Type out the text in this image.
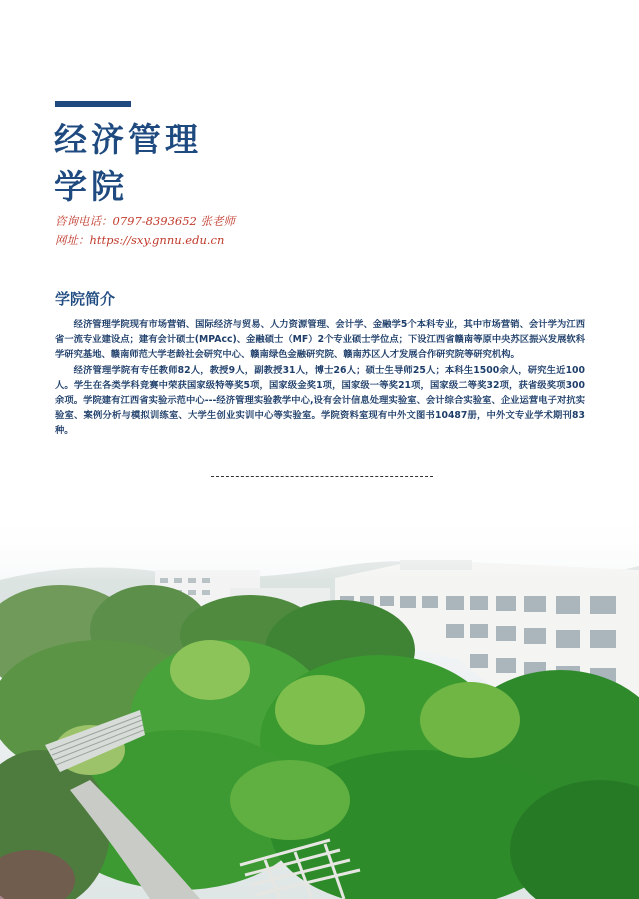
经济管理
学院
咨询电话：0797-8393652 张老师
网址：https://sxy.gnnu.edu.cn
学院简介

经济管理学院现有市场营销、国际经济与贸易、人力资源管理、会计学、金融学5个本科专业，其中市场营销、会计学为江西省一流专业建设点；建有会计硕士(MPAcc)、金融硕士（MF）2个专业硕士学位点；下设江西省赣南等原中央苏区振兴发展软科学研究基地、赣南师范大学老龄社会研究中心、赣南绿色金融研究院、赣南苏区人才发展合作研究院等研究机构。

经济管理学院有专任教师82人，教授9人，副教授31人，博士26人；硕士生导师25人；本科生1500余人，研究生近100人。学生在各类学科竞赛中荣获国家级特等奖5项，国家级金奖1项，国家级一等奖21项，国家级二等奖32项，获省级奖项300余项。学院建有江西省实验示范中心---经济管理实验教学中心,设有会计信息处理实验室、会计综合实验室、企业运营电子对抗实验室、案例分析与模拟训练室、大学生创业实训中心等实验室。学院资料室现有中外文图书10487册，中外文专业学术期刊83种。
